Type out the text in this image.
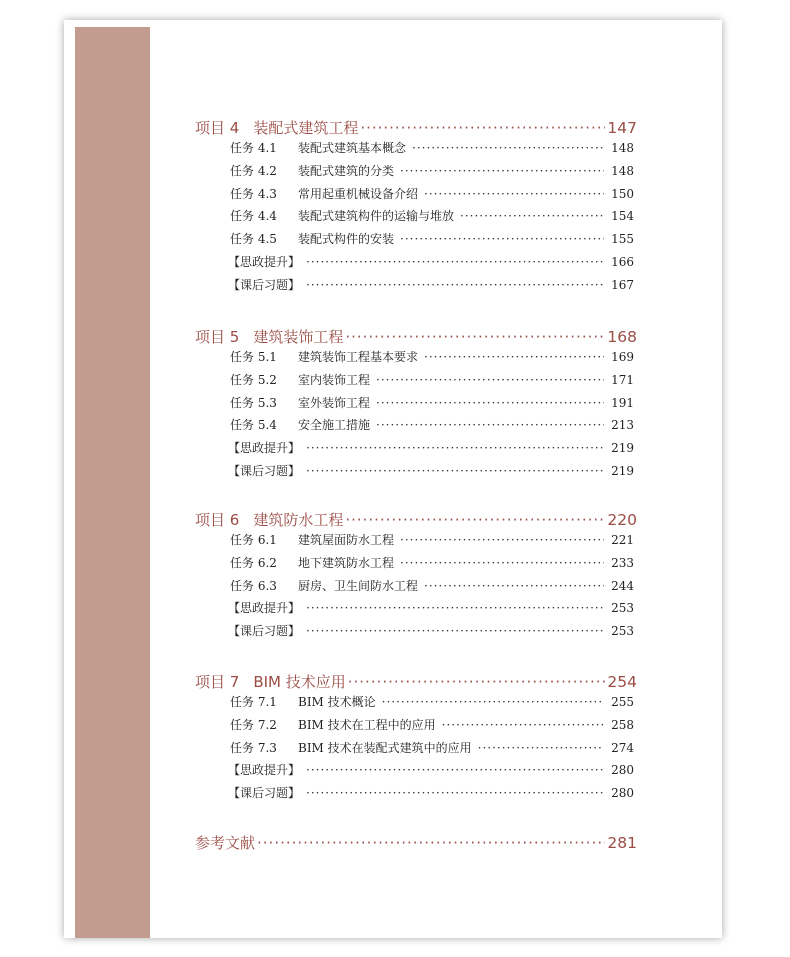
项目 4 装配式建筑工程 ·····	147
任务 4.1	装配式建筑基本概念 ·····	148
任务 4.2	装配式建筑的分类 ·····	148
任务 4.3	常用起重机械设备介绍 ·····	150
任务 4.4	装配式建筑构件的运输与堆放 ·····	154
任务 4.5	装配式构件的安装 ·····	155
【思政提升】 ·····	166
【课后习题】 ·····	167
项目 5 建筑装饰工程 ·····	168
任务 5.1	建筑装饰工程基本要求 ·····	169
任务 5.2	室内装饰工程 ·····	171
任务 5.3	室外装饰工程 ·····	191
任务 5.4	安全施工措施 ·····	213
【思政提升】 ·····	219
【课后习题】 ·····	219
项目 6 建筑防水工程 ·····	220
任务 6.1	建筑屋面防水工程 ·····	221
任务 6.2	地下建筑防水工程 ·····	233
任务 6.3	厨房、卫生间防水工程 ·····	244
【思政提升】 ·····	253
【课后习题】 ·····	253
项目 7 BIM 技术应用 ·····	254
任务 7.1	BIM 技术概论 ·····	255
任务 7.2	BIM 技术在工程中的应用 ·····	258
任务 7.3	BIM 技术在装配式建筑中的应用 ·····	274
【思政提升】 ·····	280
【课后习题】 ·····	280
参考文献 ·····	281
